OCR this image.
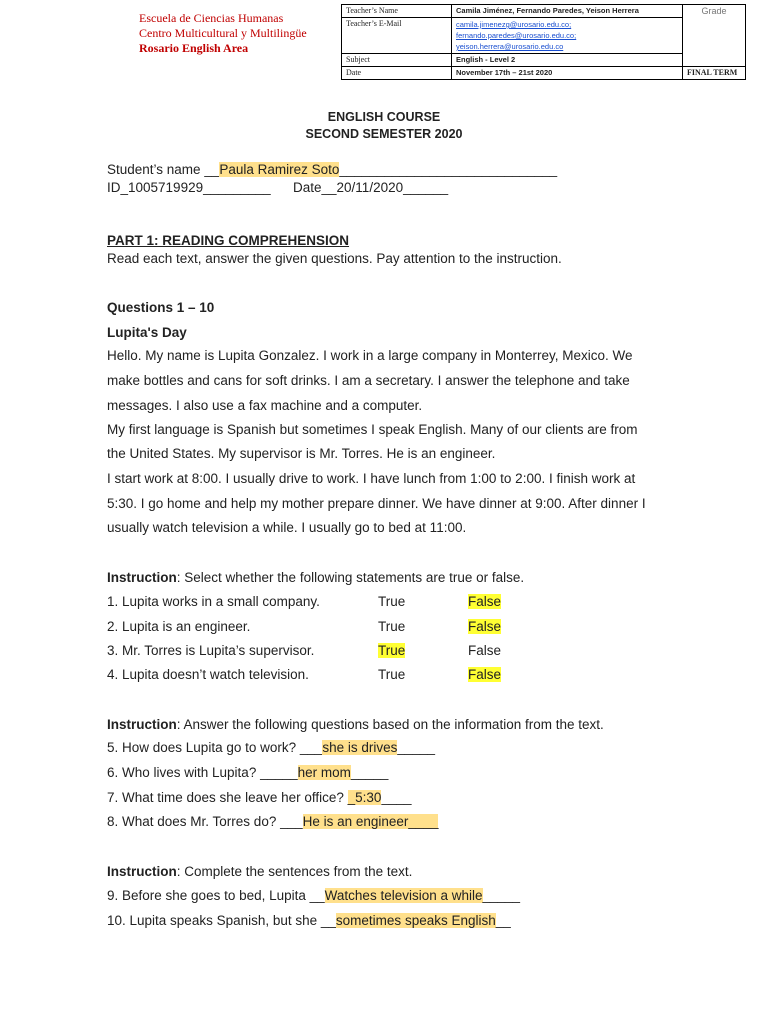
Escuela de Ciencias Humanas
Centro Multicultural y Multilingüe
Rosario English Area
Teacher’s Name	Camila Jiménez, Fernando Paredes, Yeison Herrera	Grade
Teacher’s E-Mail	camila.jimenezg@urosario.edu.co;
fernando.paredes@urosario.edu.co;
yeison.herrera@urosario.edu.co	

Subject	English - Level 2	
Date	November 17th – 21st 2020	FINAL TERM
ENGLISH COURSE
SECOND SEMESTER 2020
Student’s name __Paula Ramirez Soto_____________________________
ID_1005719929_________ Date__20/11/2020______
PART 1: READING COMPREHENSION
Read each text, answer the given questions. Pay attention to the instruction.
Questions 1 – 10
Lupita's Day
Hello. My name is Lupita Gonzalez. I work in a large company in Monterrey, Mexico. We
make bottles and cans for soft drinks. I am a secretary. I answer the telephone and take
messages. I also use a fax machine and a computer.
My first language is Spanish but sometimes I speak English. Many of our clients are from
the United States. My supervisor is Mr. Torres. He is an engineer.
I start work at 8:00. I usually drive to work. I have lunch from 1:00 to 2:00. I finish work at
5:30. I go home and help my mother prepare dinner. We have dinner at 9:00. After dinner I
usually watch television a while. I usually go to bed at 11:00.
Instruction: Select whether the following statements are true or false.
1. Lupita works in a small company.	True	False
2. Lupita is an engineer.	True	False
3. Mr. Torres is Lupita’s supervisor.	True	False
4. Lupita doesn’t watch television.	True	False
Instruction: Answer the following questions based on the information from the text.
5. How does Lupita go to work? ___she is drives_____
6. Who lives with Lupita? _____her mom_____
7. What time does she leave her office? _5:30____
8. What does Mr. Torres do? ___He is an engineer____
Instruction: Complete the sentences from the text.
9. Before she goes to bed, Lupita __Watches television a while_____
10. Lupita speaks Spanish, but she __sometimes speaks English__
